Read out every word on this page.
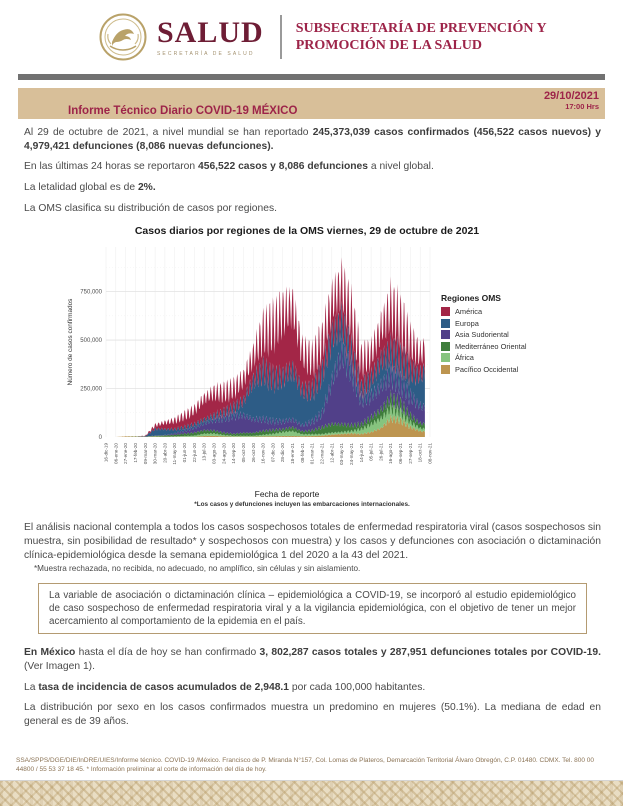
SALUD
SECRETARÍA DE SALUD
SUBSECRETARÍA DE PREVENCIÓN Y
PROMOCIÓN DE LA SALUD
29/10/2021
17:00 Hrs
Informe Técnico Diario COVID-19 MÉXICO
Al 29 de octubre de 2021, a nivel mundial se han reportado 245,373,039 casos confirmados (456,522 casos nuevos) y 4,979,421 defunciones (8,086 nuevas defunciones).
En las últimas 24 horas se reportaron 456,522 casos y 8,086 defunciones a nivel global.
La letalidad global es de 2%.
La OMS clasifica su distribución de casos por regiones.
Casos diarios por regiones de la OMS viernes, 29 de octubre de 2021
0
250,000
500,000
750,000
16-dic-19 06-ene-20 27-ene-20 17-feb-20 09-mar-20 30-mar-20 20-abr-20 11-may-20 01-jun-20 22-jun-20 13-jul-20 03-ago-20 24-ago-20 14-sep-20 05-oct-20 26-oct-20 16-nov-20 07-dic-20 28-dic-20 18-ene-21 08-feb-21 01-mar-21 22-mar-21 12-abr-21 03-may-21 24-may-21 14-jun-21 05-jul-21 26-jul-21 16-ago-21 06-sep-21 27-sep-21 18-oct-21 08-nov-21
Número de casos confirmados
Regiones OMS
América
Europa
Asia Sudoriental
Mediterráneo Oriental
África
Pacífico Occidental
Fecha de reporte
*Los casos y defunciones incluyen las embarcaciones internacionales.
El análisis nacional contempla a todos los casos sospechosos totales de enfermedad respiratoria viral (casos sospechosos sin muestra, sin posibilidad de resultado* y sospechosos con muestra) y los casos y defunciones con asociación o dictaminación clínica-epidemiológica desde la semana epidemiológica 1 del 2020 a la 43 del 2021.
*Muestra rechazada, no recibida, no adecuado, no amplífico, sin células y sin aislamiento.
La variable de asociación o dictaminación clínica – epidemiológica a COVID-19, se incorporó al estudio epidemiológico de caso sospechoso de enfermedad respiratoria viral y a la vigilancia epidemiológica, con el objetivo de tener un mejor acercamiento al comportamiento de la epidemia en el país.
En México hasta el día de hoy se han confirmado 3, 802,287 casos totales y 287,951 defunciones totales por COVID-19. (Ver Imagen 1).
La tasa de incidencia de casos acumulados de 2,948.1 por cada 100,000 habitantes.
La distribución por sexo en los casos confirmados muestra un predomino en mujeres (50.1%). La mediana de edad en general es de 39 años.
SSA/SPPS/DGE/DIE/InDRE/UIES/Informe técnico. COVID-19 /México. Francisco de P. Miranda N°157, Col. Lomas de Plateros, Demarcación Territorial Álvaro Obregón, C.P. 01480. CDMX. Tel. 800 00 44800 / 55 53 37 18 45. * Información preliminar al corte de información del día de hoy.
